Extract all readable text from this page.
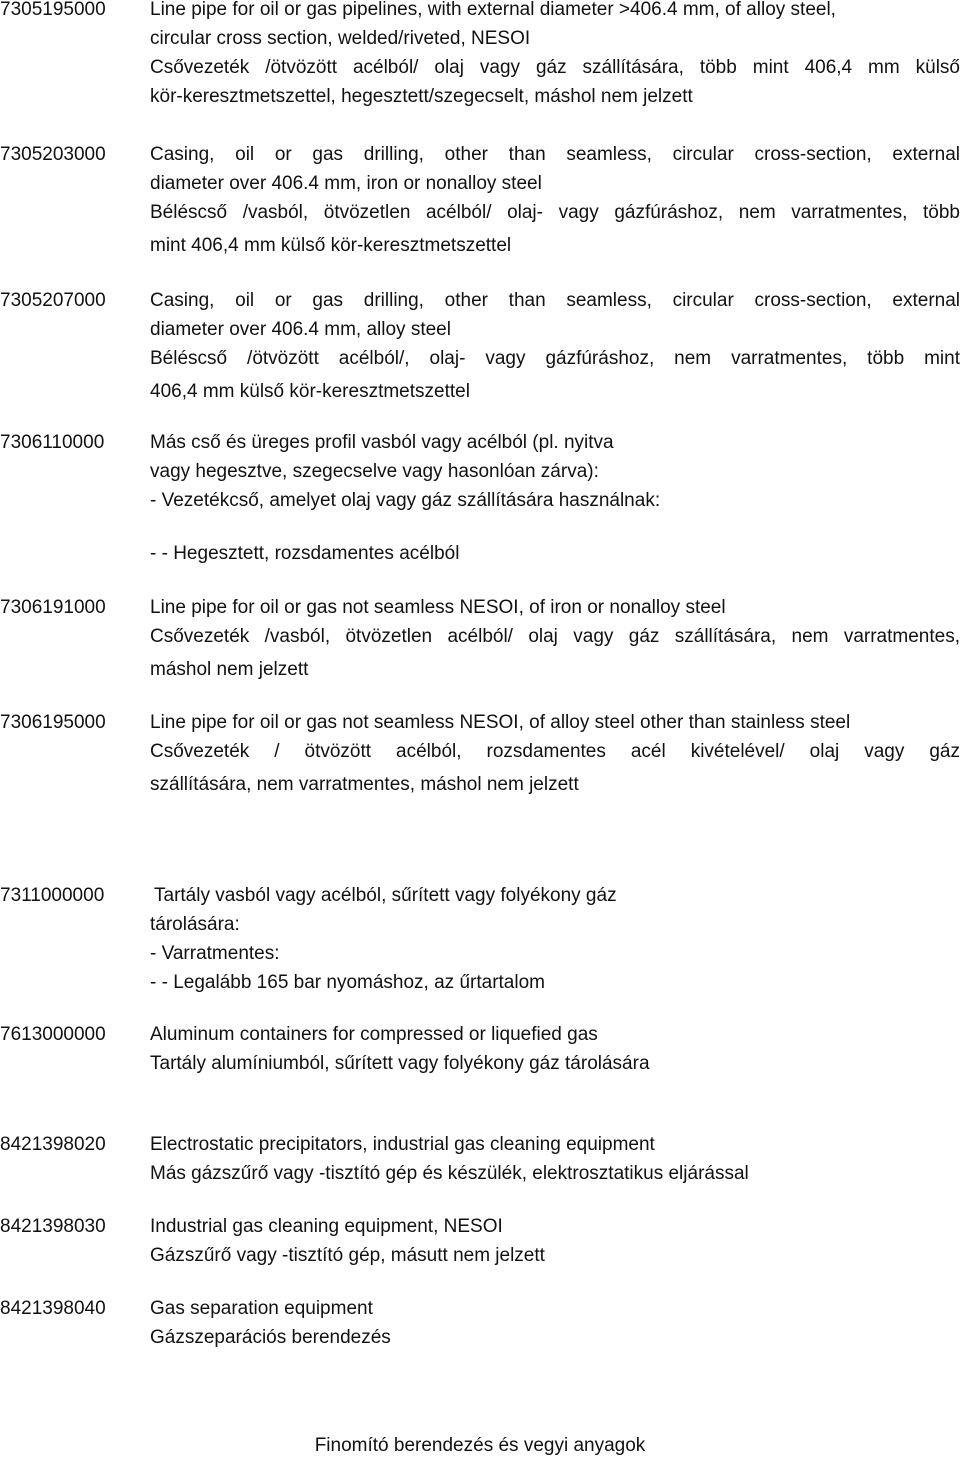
7305195000	Line pipe for oil or gas pipelines, with external diameter >406.4 mm, of alloy steel,
circular cross section, welded/riveted, NESOI
Csővezeték /ötvözött acélból/ olaj vagy gáz szállítására, több mint 406,4 mm külső
kör-keresztmetszettel, hegesztett/szegecselt, máshol nem jelzett
7305203000	Casing, oil or gas drilling, other than seamless, circular cross-section, external
diameter over 406.4 mm, iron or nonalloy steel
Béléscső /vasból, ötvözetlen acélból/ olaj- vagy gázfúráshoz, nem varratmentes, több
mint 406,4 mm külső kör-keresztmetszettel
7305207000	Casing, oil or gas drilling, other than seamless, circular cross-section, external
diameter over 406.4 mm, alloy steel
Béléscső /ötvözött acélból/, olaj- vagy gázfúráshoz, nem varratmentes, több mint
406,4 mm külső kör-keresztmetszettel
7306110000	Más cső és üreges profil vasból vagy acélból (pl. nyitva
vagy hegesztve, szegecselve vagy hasonlóan zárva):
- Vezetékcső, amelyet olaj vagy gáz szállítására használnak:
- - Hegesztett, rozsdamentes acélból
7306191000	Line pipe for oil or gas not seamless NESOI, of iron or nonalloy steel
Csővezeték /vasból, ötvözetlen acélból/ olaj vagy gáz szállítására, nem varratmentes,
máshol nem jelzett
7306195000	Line pipe for oil or gas not seamless NESOI, of alloy steel other than stainless steel
Csővezeték / ötvözött acélból, rozsdamentes acél kivételével/ olaj vagy gáz
szállítására, nem varratmentes, máshol nem jelzett
7311000000	Tartály vasból vagy acélból, sűrített vagy folyékony gáz
tárolására:
- Varratmentes:
- - Legalább 165 bar nyomáshoz, az űrtartalom
7613000000	Aluminum containers for compressed or liquefied gas
Tartály alumíniumból, sűrített vagy folyékony gáz tárolására
8421398020	Electrostatic precipitators, industrial gas cleaning equipment
Más gázszűrő vagy -tisztító gép és készülék, elektrosztatikus eljárással
8421398030	Industrial gas cleaning equipment, NESOI
Gázszűrő vagy -tisztító gép, másutt nem jelzett
8421398040	Gas separation equipment
Gázszeparációs berendezés
Finomító berendezés és vegyi anyagok
